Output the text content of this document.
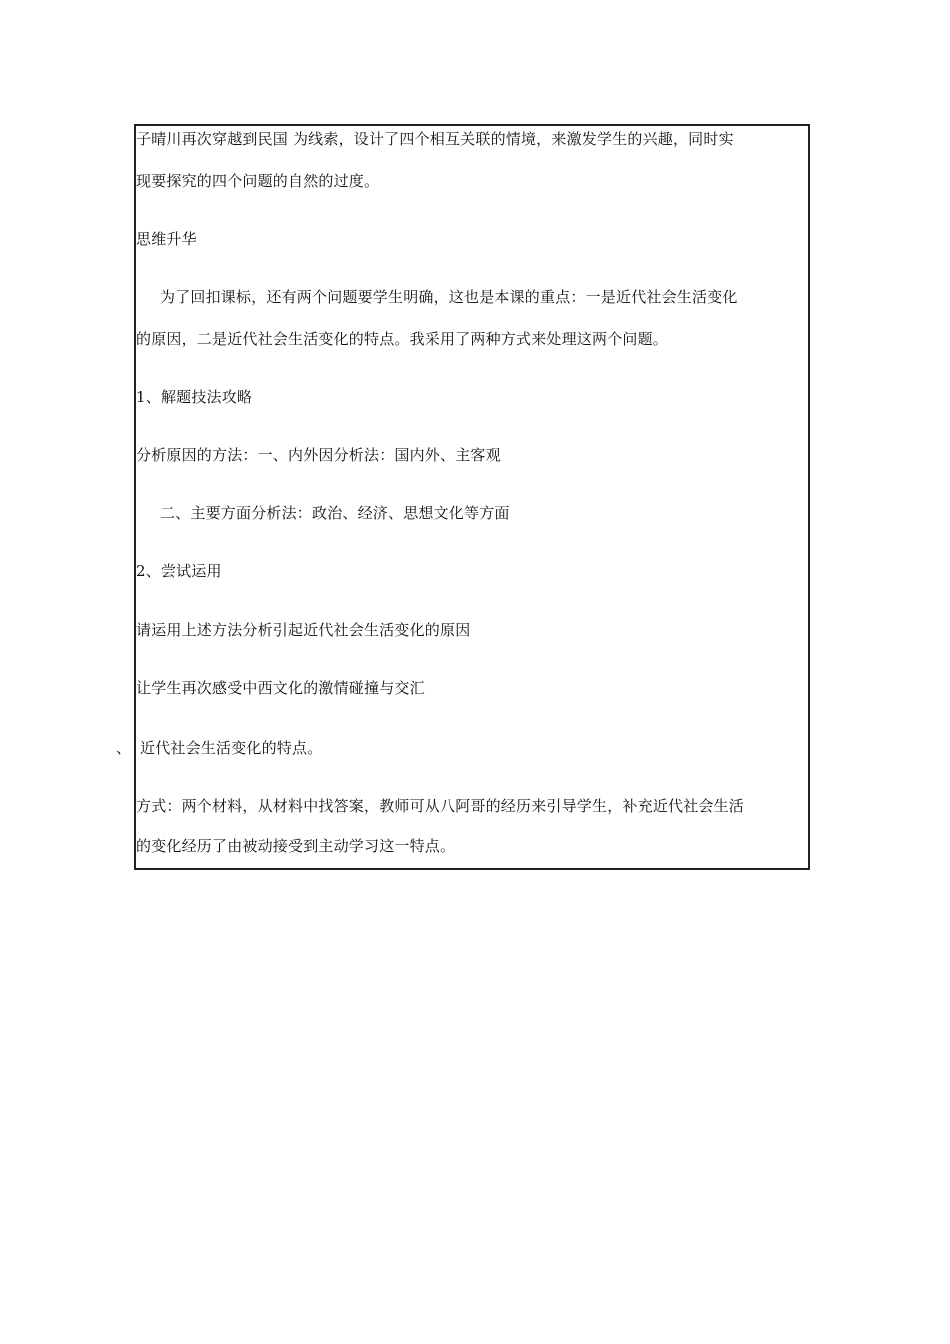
子晴川再次穿越到民国 为线索，设计了四个相互关联的情境，来激发学生的兴趣，同时实
现要探究的四个问题的自然的过度。
思维升华
为了回扣课标，还有两个问题要学生明确，这也是本课的重点：一是近代社会生活变化
的原因，二是近代社会生活变化的特点。我采用了两种方式来处理这两个问题。
1、解题技法攻略
分析原因的方法：一、内外因分析法：国内外、主客观
二、主要方面分析法：政治、经济、思想文化等方面
2、尝试运用
请运用上述方法分析引起近代社会生活变化的原因
让学生再次感受中西文化的激情碰撞与交汇
、 近代社会生活变化的特点。
方式：两个材料，从材料中找答案，教师可从八阿哥的经历来引导学生，补充近代社会生活
的变化经历了由被动接受到主动学习这一特点。
